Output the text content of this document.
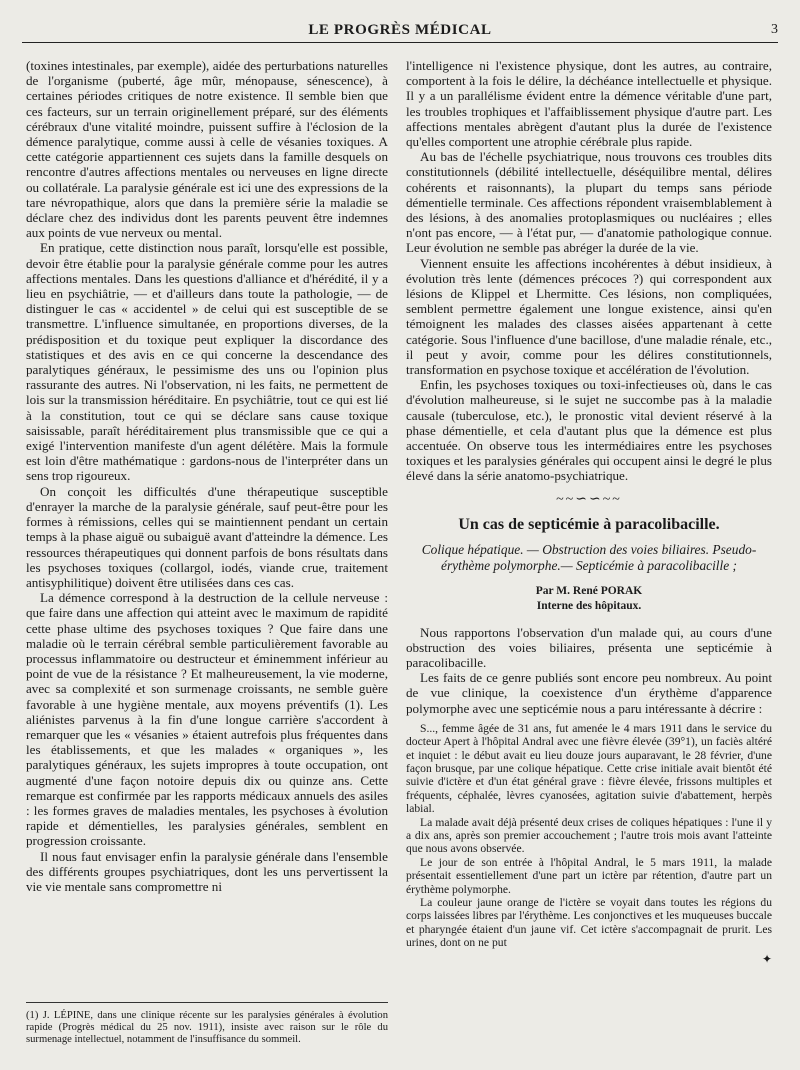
LE PROGRÈS MÉDICAL	3

(toxines intestinales, par exemple), aidée des perturbations naturelles de l'organisme (puberté, âge mûr, ménopause, sénescence), à certaines périodes critiques de notre existence. Il semble bien que ces facteurs, sur un terrain originellement préparé, sur des éléments cérébraux d'une vitalité moindre, puissent suffire à l'éclosion de la démence paralytique, comme aussi à celle de vésanies toxiques. A cette catégorie appartiennent ces sujets dans la famille desquels on rencontre d'autres affections mentales ou nerveuses en ligne directe ou collatérale. La paralysie générale est ici une des expressions de la tare névropathique, alors que dans la première série la maladie se déclare chez des individus dont les parents peuvent être indemnes aux points de vue nerveux ou mental.

En pratique, cette distinction nous paraît, lorsqu'elle est possible, devoir être établie pour la paralysie générale comme pour les autres affections mentales. Dans les questions d'alliance et d'hérédité, il y a lieu en psychiâtrie, — et d'ailleurs dans toute la pathologie, — de distinguer le cas « accidentel » de celui qui est susceptible de se transmettre. L'influence simultanée, en proportions diverses, de la prédisposition et du toxique peut expliquer la discordance des statistiques et des avis en ce qui concerne la descendance des paralytiques généraux, le pessimisme des uns ou l'opinion plus rassurante des autres. Ni l'observation, ni les faits, ne permettent de lois sur la transmission héréditaire. En psychiâtrie, tout ce qui est lié à la constitution, tout ce qui se déclare sans cause toxique saisissable, paraît héréditairement plus transmissible que ce qui a exigé l'intervention manifeste d'un agent délétère. Mais la formule est loin d'être mathématique : gardons-nous de l'interpréter dans un sens trop rigoureux.

On conçoit les difficultés d'une thérapeutique susceptible d'enrayer la marche de la paralysie générale, sauf peut-être pour les formes à rémissions, celles qui se maintiennent pendant un certain temps à la phase aiguë ou subaiguë avant d'atteindre la démence. Les ressources thérapeutiques qui donnent parfois de bons résultats dans les psychoses toxiques (collargol, iodés, viande crue, traitement antisyphilitique) doivent être utilisées dans ces cas.

La démence correspond à la destruction de la cellule nerveuse : que faire dans une affection qui atteint avec le maximum de rapidité cette phase ultime des psychoses toxiques ? Que faire dans une maladie où le terrain cérébral semble particulièrement favorable au processus inflammatoire ou destructeur et éminemment inférieur au point de vue de la résistance ? Et malheureusement, la vie moderne, avec sa complexité et son surmenage croissants, ne semble guère favorable à une hygiène mentale, aux moyens préventifs (1). Les aliénistes parvenus à la fin d'une longue carrière s'accordent à remarquer que les « vésanies » étaient autrefois plus fréquentes dans les établissements, et que les malades « organiques », les paralytiques généraux, les sujets impropres à toute occupation, ont augmenté d'une façon notoire depuis dix ou quinze ans. Cette remarque est confirmée par les rapports médicaux annuels des asiles : les formes graves de maladies mentales, les psychoses à évolution rapide et démentielles, les paralysies générales, semblent en progression croissante.

Il nous faut envisager enfin la paralysie générale dans l'ensemble des différents groupes psychiatriques, dont les uns pervertissent la vie vie mentale sans compromettre ni

(1) J. LÉPINE, dans une clinique récente sur les paralysies générales à évolution rapide (Progrès médical du 25 nov. 1911), insiste avec raison sur le rôle du surmenage intellectuel, notamment de l'insuffisance du sommeil.

l'intelligence ni l'existence physique, dont les autres, au contraire, comportent à la fois le délire, la déchéance intellectuelle et physique. Il y a un parallélisme évident entre la démence véritable d'une part, les troubles trophiques et l'affaiblissement physique d'autre part. Les affections mentales abrègent d'autant plus la durée de l'existence qu'elles comportent une atrophie cérébrale plus rapide.

Au bas de l'échelle psychiatrique, nous trouvons ces troubles dits constitutionnels (débilité intellectuelle, déséquilibre mental, délires cohérents et raisonnants), la plupart du temps sans période démentielle terminale. Ces affections répondent vraisemblablement à des lésions, à des anomalies protoplasmiques ou nucléaires ; elles n'ont pas encore, — à l'état pur, — d'anatomie pathologique connue. Leur évolution ne semble pas abréger la durée de la vie.

Viennent ensuite les affections incohérentes à début insidieux, à évolution très lente (démences précoces ?) qui correspondent aux lésions de Klippel et Lhermitte. Ces lésions, non compliquées, semblent permettre également une longue existence, ainsi qu'en témoignent les malades des classes aisées appartenant à cette catégorie. Sous l'influence d'une bacillose, d'une maladie rénale, etc., il peut y avoir, comme pour les délires constitutionnels, transformation en psychose toxique et accélération de l'évolution.

Enfin, les psychoses toxiques ou toxi-infectieuses où, dans le cas d'évolution malheureuse, si le sujet ne succombe pas à la maladie causale (tuberculose, etc.), le pronostic vital devient réservé à la phase démentielle, et cela d'autant plus que la démence est plus accentuée. On observe tous les intermédiaires entre les psychoses toxiques et les paralysies générales qui occupent ainsi le degré le plus élevé dans la série anatomo-psychiatrique.

~~∽∽~~
Un cas de septicémie à paracolibacille.
Colique hépatique. — Obstruction des voies biliaires. Pseudo-érythème polymorphe.— Septicémie à paracolibacille ;
Par M. René PORAK
Interne des hôpitaux.

Nous rapportons l'observation d'un malade qui, au cours d'une obstruction des voies biliaires, présenta une septicémie à paracolibacille.

Les faits de ce genre publiés sont encore peu nombreux. Au point de vue clinique, la coexistence d'un érythème d'apparence polymorphe avec une septicémie nous a paru intéressante à décrire :

S..., femme âgée de 31 ans, fut amenée le 4 mars 1911 dans le service du docteur Apert à l'hôpital Andral avec une fièvre élevée (39°1), un faciès altéré et inquiet : le début avait eu lieu douze jours auparavant, le 28 février, d'une façon brusque, par une colique hépatique. Cette crise initiale avait bientôt été suivie d'ictère et d'un état général grave : fièvre élevée, frissons multiples et fréquents, céphalée, lèvres cyanosées, agitation suivie d'abattement, herpès labial.

La malade avait déjà présenté deux crises de coliques hépatiques : l'une il y a dix ans, après son premier accouchement ; l'autre trois mois avant l'atteinte que nous avons observée.

Le jour de son entrée à l'hôpital Andral, le 5 mars 1911, la malade présentait essentiellement d'une part un ictère par rétention, d'autre part un érythème polymorphe.

La couleur jaune orange de l'ictère se voyait dans toutes les régions du corps laissées libres par l'érythème. Les conjonctives et les muqueuses buccale et pharyngée étaient d'un jaune vif. Cet ictère s'accompagnait de prurit. Les urines, dont on ne put

✦
